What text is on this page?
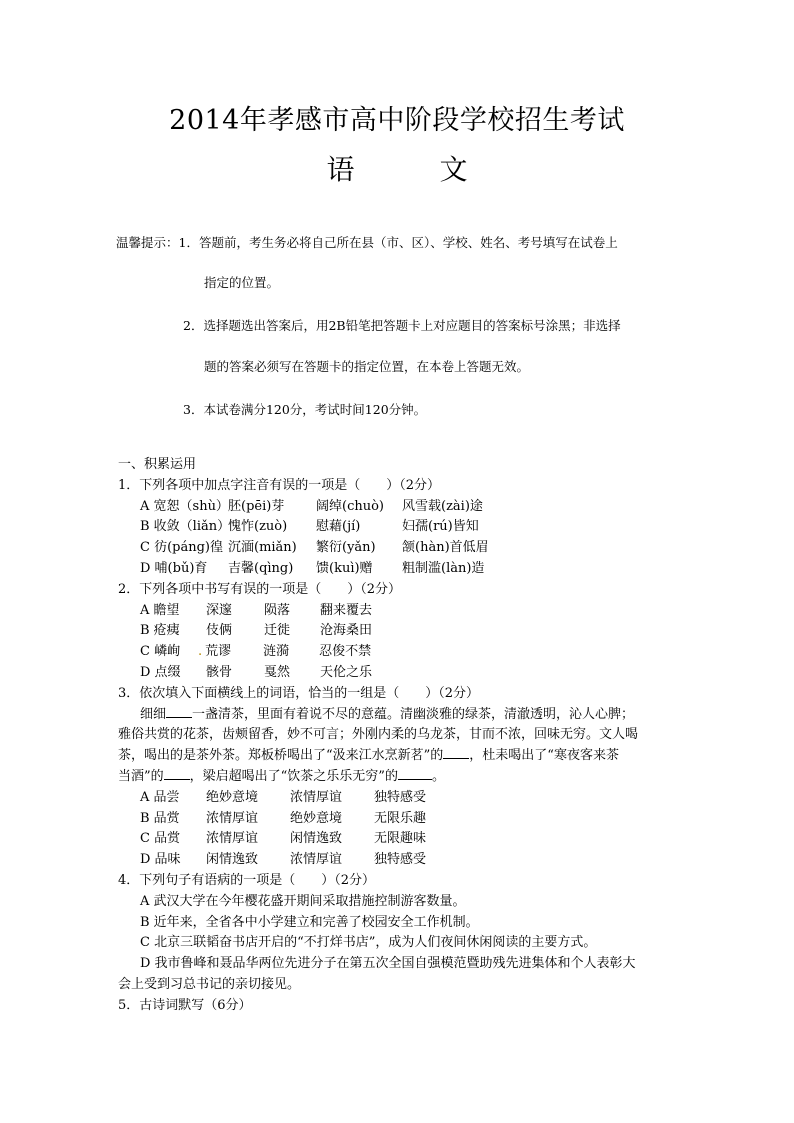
2014年孝感市高中阶段学校招生考试
语	文
温馨提示：1．答题前，考生务必将自己所在县（市、区）、学校、姓名、考号填写在试卷上
指定的位置。
2．选择题选出答案后，用2B铅笔把答题卡上对应题目的答案标号涂黑；非选择
题的答案必须写在答题卡的指定位置，在本卷上答题无效。
3．本试卷满分120分，考试时间120分钟。
一、积累运用
1．下列各项中加点字注音有误的一项是（　　）（2分）
A 宽恕（shù）胚(pēi)芽 阔绰(chuò) 风雪载(zài)途
B 收敛（liǎn）愧怍(zuò) 慰藉(jí)	妇孺(rú)皆知
C 彷(páng)徨 沉湎(miǎn) 繁衍(yǎn) 颔(hàn)首低眉
D 哺(bǔ)育 吉馨(qìng) 馈(kuì)赠 粗制滥(làn)造
2．下列各项中书写有误的一项是（　　）（2分）
A 瞻望 深邃 陨落 翻来覆去
B 疮痍 伎俩 迁徙 沧海桑田
C 嶙峋 . 荒谬 涟漪 忍俊不禁
D 点缀 骸骨 戛然 天伦之乐
3．依次填入下面横线上的词语，恰当的一组是（　　）（2分）
细细 一盏清茶，里面有着说不尽的意蕴。清幽淡雅的绿茶，清澈透明，沁人心脾；
雅俗共赏的花茶，齿颊留香，妙不可言；外刚内柔的乌龙茶，甘而不浓，回味无穷。文人喝
茶，喝出的是茶外茶。郑板桥喝出了“汲来江水烹新茗”的 ，杜耒喝出了“寒夜客来茶
当酒”的 ，梁启超喝出了“饮茶之乐乐无穷”的	。
A 品尝 绝妙意境 浓情厚谊 独特感受
B 品赏 浓情厚谊 绝妙意境 无限乐趣
C 品赏 浓情厚谊 闲情逸致 无限趣味
D 品味 闲情逸致 浓情厚谊 独特感受
4．下列句子有语病的一项是（　　）（2分）
A 武汉大学在今年樱花盛开期间采取措施控制游客数量。
B 近年来，全省各中小学建立和完善了校园安全工作机制。
C 北京三联韬奋书店开启的“不打烊书店”，成为人们夜间休闲阅读的主要方式。
D 我市鲁峰和聂品华两位先进分子在第五次全国自强模范暨助残先进集体和个人表彰大
会上受到习总书记的亲切接见。
5．古诗词默写（6分）
